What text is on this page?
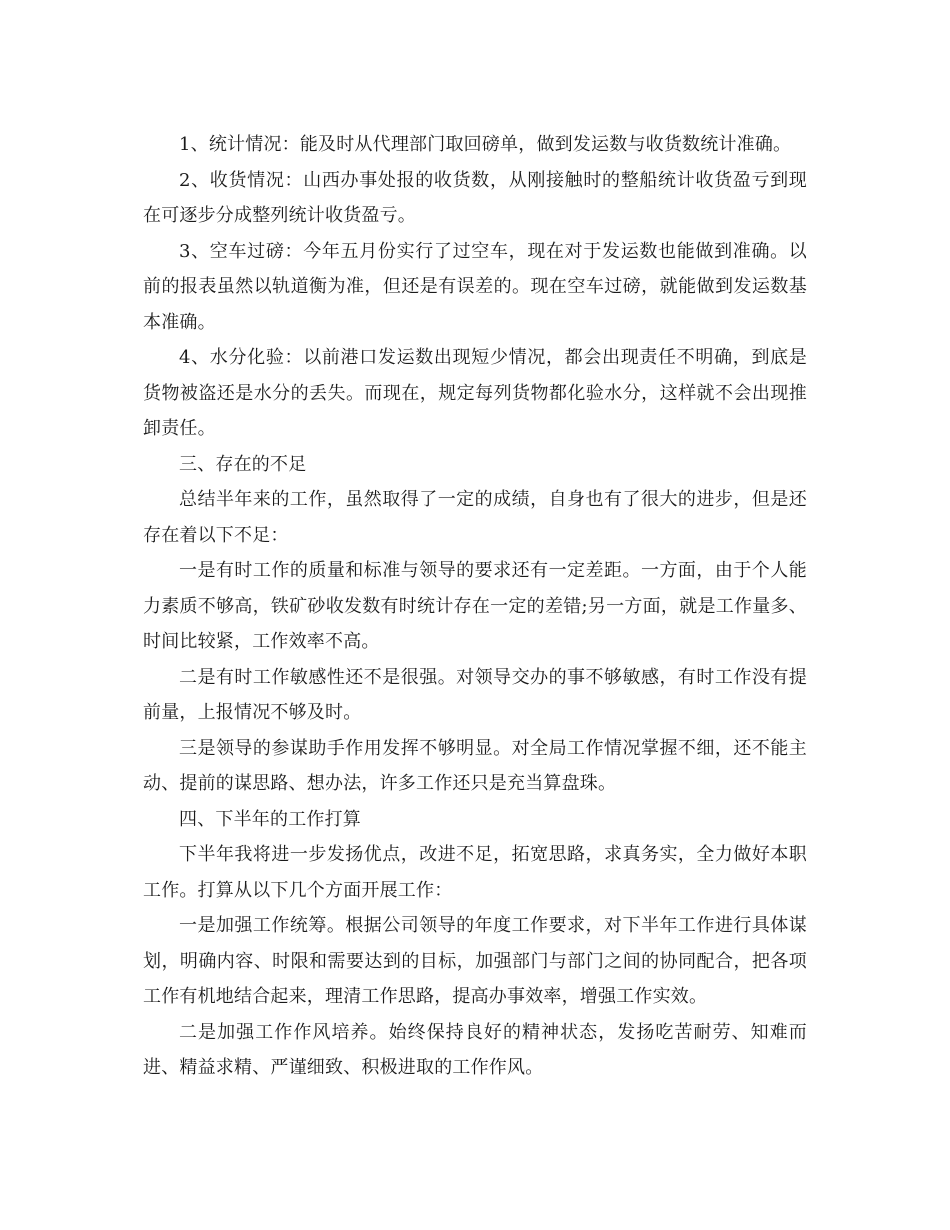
1、统计情况：能及时从代理部门取回磅单，做到发运数与收货数统计准确。

2、收货情况：山西办事处报的收货数，从刚接触时的整船统计收货盈亏到现在可逐步分成整列统计收货盈亏。

3、空车过磅：今年五月份实行了过空车，现在对于发运数也能做到准确。以前的报表虽然以轨道衡为准，但还是有误差的。现在空车过磅，就能做到发运数基本准确。

4、水分化验：以前港口发运数出现短少情况，都会出现责任不明确，到底是货物被盗还是水分的丢失。而现在，规定每列货物都化验水分，这样就不会出现推卸责任。

三、存在的不足

总结半年来的工作，虽然取得了一定的成绩，自身也有了很大的进步，但是还存在着以下不足：

一是有时工作的质量和标准与领导的要求还有一定差距。一方面，由于个人能力素质不够高，铁矿砂收发数有时统计存在一定的差错;另一方面，就是工作量多、时间比较紧，工作效率不高。

二是有时工作敏感性还不是很强。对领导交办的事不够敏感，有时工作没有提前量，上报情况不够及时。

三是领导的参谋助手作用发挥不够明显。对全局工作情况掌握不细，还不能主动、提前的谋思路、想办法，许多工作还只是充当算盘珠。

四、下半年的工作打算

下半年我将进一步发扬优点，改进不足，拓宽思路，求真务实，全力做好本职工作。打算从以下几个方面开展工作：

一是加强工作统筹。根据公司领导的年度工作要求，对下半年工作进行具体谋划，明确内容、时限和需要达到的目标，加强部门与部门之间的协同配合，把各项工作有机地结合起来，理清工作思路，提高办事效率，增强工作实效。

二是加强工作作风培养。始终保持良好的精神状态，发扬吃苦耐劳、知难而进、精益求精、严谨细致、积极进取的工作作风。
